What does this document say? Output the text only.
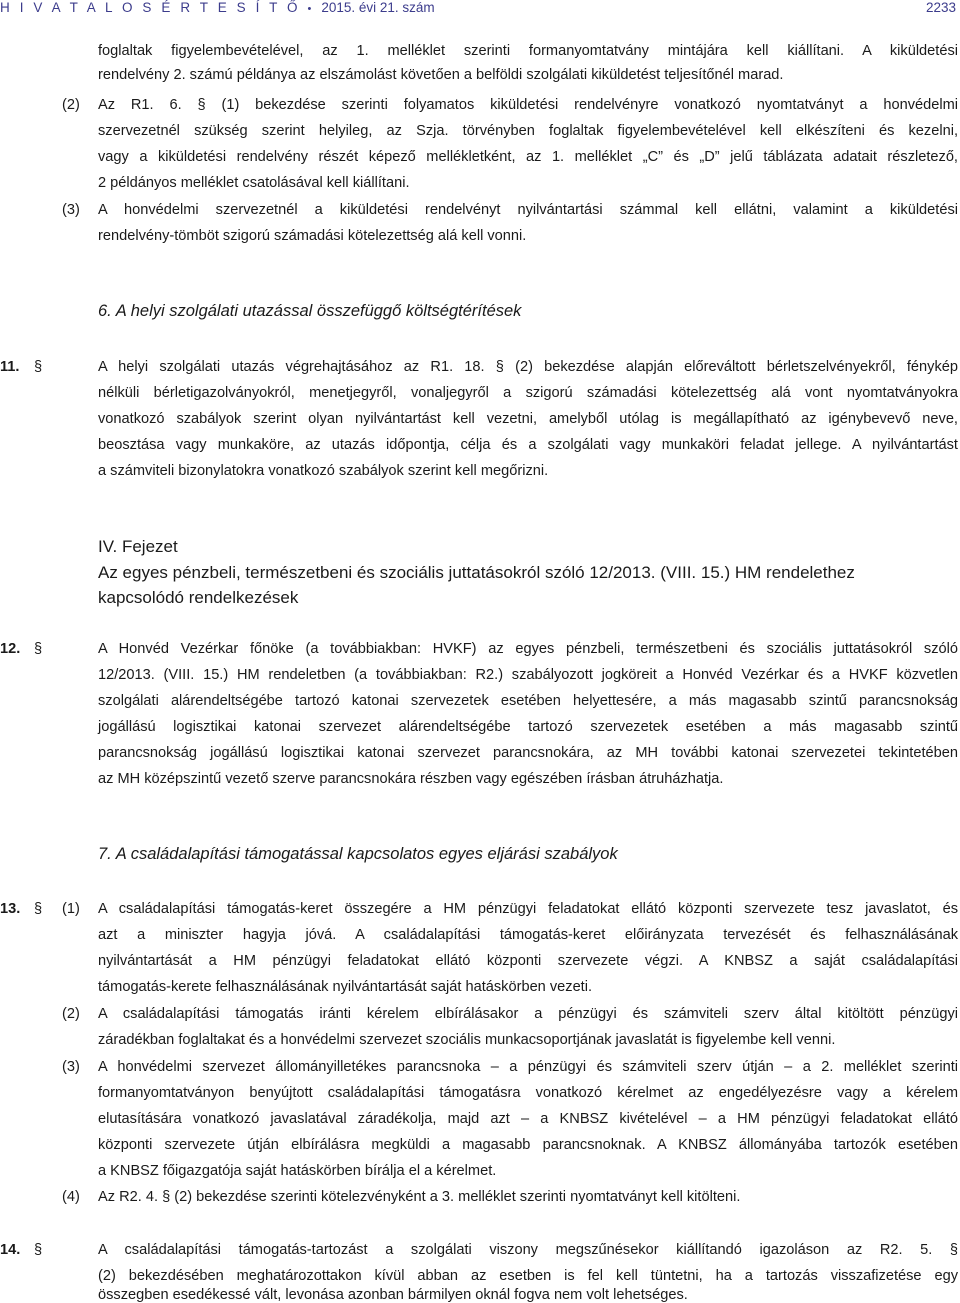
H I V A T A L O S É R T E S Í T Ő • 2015. évi 21. szám	2233
foglaltak figyelembevételével, az 1. melléklet szerinti formanyomtatvány mintájára kell kiállítani. A kiküldetési
rendelvény 2. számú példánya az elszámolást követően a belföldi szolgálati kiküldetést teljesítőnél marad.
(2) Az R1. 6. § (1) bekezdése szerinti folyamatos kiküldetési rendelvényre vonatkozó nyomtatványt a honvédelmi
szervezetnél szükség szerint helyileg, az Szja. törvényben foglaltak figyelembevételével kell elkészíteni és kezelni,
vagy a kiküldetési rendelvény részét képező mellékletként, az 1. melléklet „C” és „D” jelű táblázata adatait részletező,
2 példányos melléklet csatolásával kell kiállítani.
(3) A honvédelmi szervezetnél a kiküldetési rendelvényt nyilvántartási számmal kell ellátni, valamint a kiküldetési
rendelvény-tömböt szigorú számadási kötelezettség alá kell vonni.
6. A helyi szolgálati utazással összefüggő költségtérítések
11. §	A helyi szolgálati utazás végrehajtásához az R1. 18. § (2) bekezdése alapján előreváltott bérletszelvényekről, fénykép
nélküli bérletigazolványokról, menetjegyről, vonaljegyről a szigorú számadási kötelezettség alá vont nyomtatványokra
vonatkozó szabályok szerint olyan nyilvántartást kell vezetni, amelyből utólag is megállapítható az igénybevevő neve,
beosztása vagy munkaköre, az utazás időpontja, célja és a szolgálati vagy munkaköri feladat jellege. A nyilvántartást
a számviteli bizonylatokra vonatkozó szabályok szerint kell megőrizni.
IV. Fejezet
Az egyes pénzbeli, természetbeni és szociális juttatásokról szóló 12/2013. (VIII. 15.) HM rendelethez
kapcsolódó rendelkezések
12. §	A Honvéd Vezérkar főnöke (a továbbiakban: HVKF) az egyes pénzbeli, természetbeni és szociális juttatásokról szóló
12/2013. (VIII. 15.) HM rendeletben (a továbbiakban: R2.) szabályozott jogköreit a Honvéd Vezérkar és a HVKF közvetlen
szolgálati alárendeltségébe tartozó katonai szervezetek esetében helyettesére, a más magasabb szintű parancsnokság
jogállású logisztikai katonai szervezet alárendeltségébe tartozó szervezetek esetében a más magasabb szintű
parancsnokság jogállású logisztikai katonai szervezet parancsnokára, az MH további katonai szervezetei tekintetében
az MH középszintű vezető szerve parancsnokára részben vagy egészében írásban átruházhatja.
7. A családalapítási támogatással kapcsolatos egyes eljárási szabályok
13. § (1) A családalapítási támogatás-keret összegére a HM pénzügyi feladatokat ellátó központi szervezete tesz javaslatot, és
azt a miniszter hagyja jóvá. A családalapítási támogatás-keret előirányzata tervezését és felhasználásának
nyilvántartását a HM pénzügyi feladatokat ellátó központi szervezete végzi. A KNBSZ a saját családalapítási
támogatás-kerete felhasználásának nyilvántartását saját hatáskörben vezeti.
(2) A családalapítási támogatás iránti kérelem elbírálásakor a pénzügyi és számviteli szerv által kitöltött pénzügyi
záradékban foglaltakat és a honvédelmi szervezet szociális munkacsoportjának javaslatát is figyelembe kell venni.
(3) A honvédelmi szervezet állományilletékes parancsnoka – a pénzügyi és számviteli szerv útján – a 2. melléklet szerinti
formanyomtatványon benyújtott családalapítási támogatásra vonatkozó kérelmet az engedélyezésre vagy a kérelem
elutasítására vonatkozó javaslatával záradékolja, majd azt – a KNBSZ kivételével – a HM pénzügyi feladatokat ellátó
központi szervezete útján elbírálásra megküldi a magasabb parancsnoknak. A KNBSZ állományába tartozók esetében
a KNBSZ főigazgatója saját hatáskörben bírálja el a kérelmet.
(4) Az R2. 4. § (2) bekezdése szerinti kötelezvényként a 3. melléklet szerinti nyomtatványt kell kitölteni.
14. §	A családalapítási támogatás-tartozást a szolgálati viszony megszűnésekor kiállítandó igazoláson az R2. 5. §
(2) bekezdésében meghatározottakon kívül abban az esetben is fel kell tüntetni, ha a tartozás visszafizetése egy
összegben esedékessé vált, levonása azonban bármilyen oknál fogva nem volt lehetséges.
